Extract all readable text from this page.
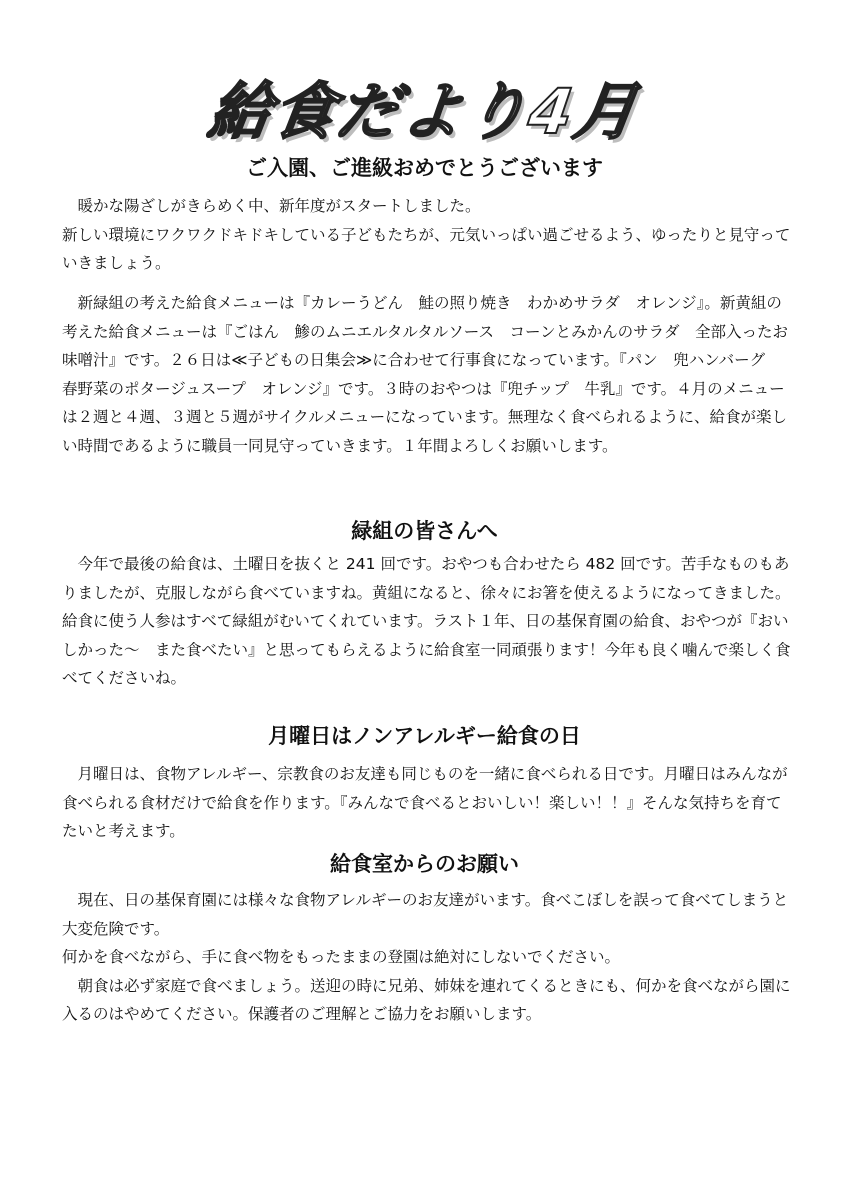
給食だより4月
ご入園、ご進級おめでとうございます

暖かな陽ざしがきらめく中、新年度がスタートしました。

新しい環境にワクワクドキドキしている子どもたちが、元気いっぱい過ごせるよう、ゆったりと見守っていきましょう。

新緑組の考えた給食メニューは『カレーうどん　鮭の照り焼き　わかめサラダ　オレンジ』。新黄組の考えた給食メニューは『ごはん　鯵のムニエルタルタルソース　コーンとみかんのサラダ　全部入ったお味噌汁』です。２６日は≪子どもの日集会≫に合わせて行事食になっています。『パン　兜ハンバーグ　春野菜のポタージュスープ　オレンジ』です。３時のおやつは『兜チップ　牛乳』です。４月のメニューは２週と４週、３週と５週がサイクルメニューになっています。無理なく食べられるように、給食が楽しい時間であるように職員一同見守っていきます。１年間よろしくお願いします。

緑組の皆さんへ

今年で最後の給食は、土曜日を抜くと 241 回です。おやつも合わせたら 482 回です。苦手なものもありましたが、克服しながら食べていますね。黄組になると、徐々にお箸を使えるようになってきました。給食に使う人参はすべて緑組がむいてくれています。ラスト１年、日の基保育園の給食、おやつが『おいしかった～　また食べたい』と思ってもらえるように給食室一同頑張ります！今年も良く噛んで楽しく食べてくださいね。

月曜日はノンアレルギー給食の日

月曜日は、食物アレルギー、宗教食のお友達も同じものを一緒に食べられる日です。月曜日はみんなが食べられる食材だけで給食を作ります。『みんなで食べるとおいしい！楽しい！！』そんな気持ちを育てたいと考えます。

給食室からのお願い

現在、日の基保育園には様々な食物アレルギーのお友達がいます。食べこぼしを誤って食べてしまうと大変危険です。

何かを食べながら、手に食べ物をもったままの登園は絶対にしないでください。

朝食は必ず家庭で食べましょう。送迎の時に兄弟、姉妹を連れてくるときにも、何かを食べながら園に入るのはやめてください。保護者のご理解とご協力をお願いします。
